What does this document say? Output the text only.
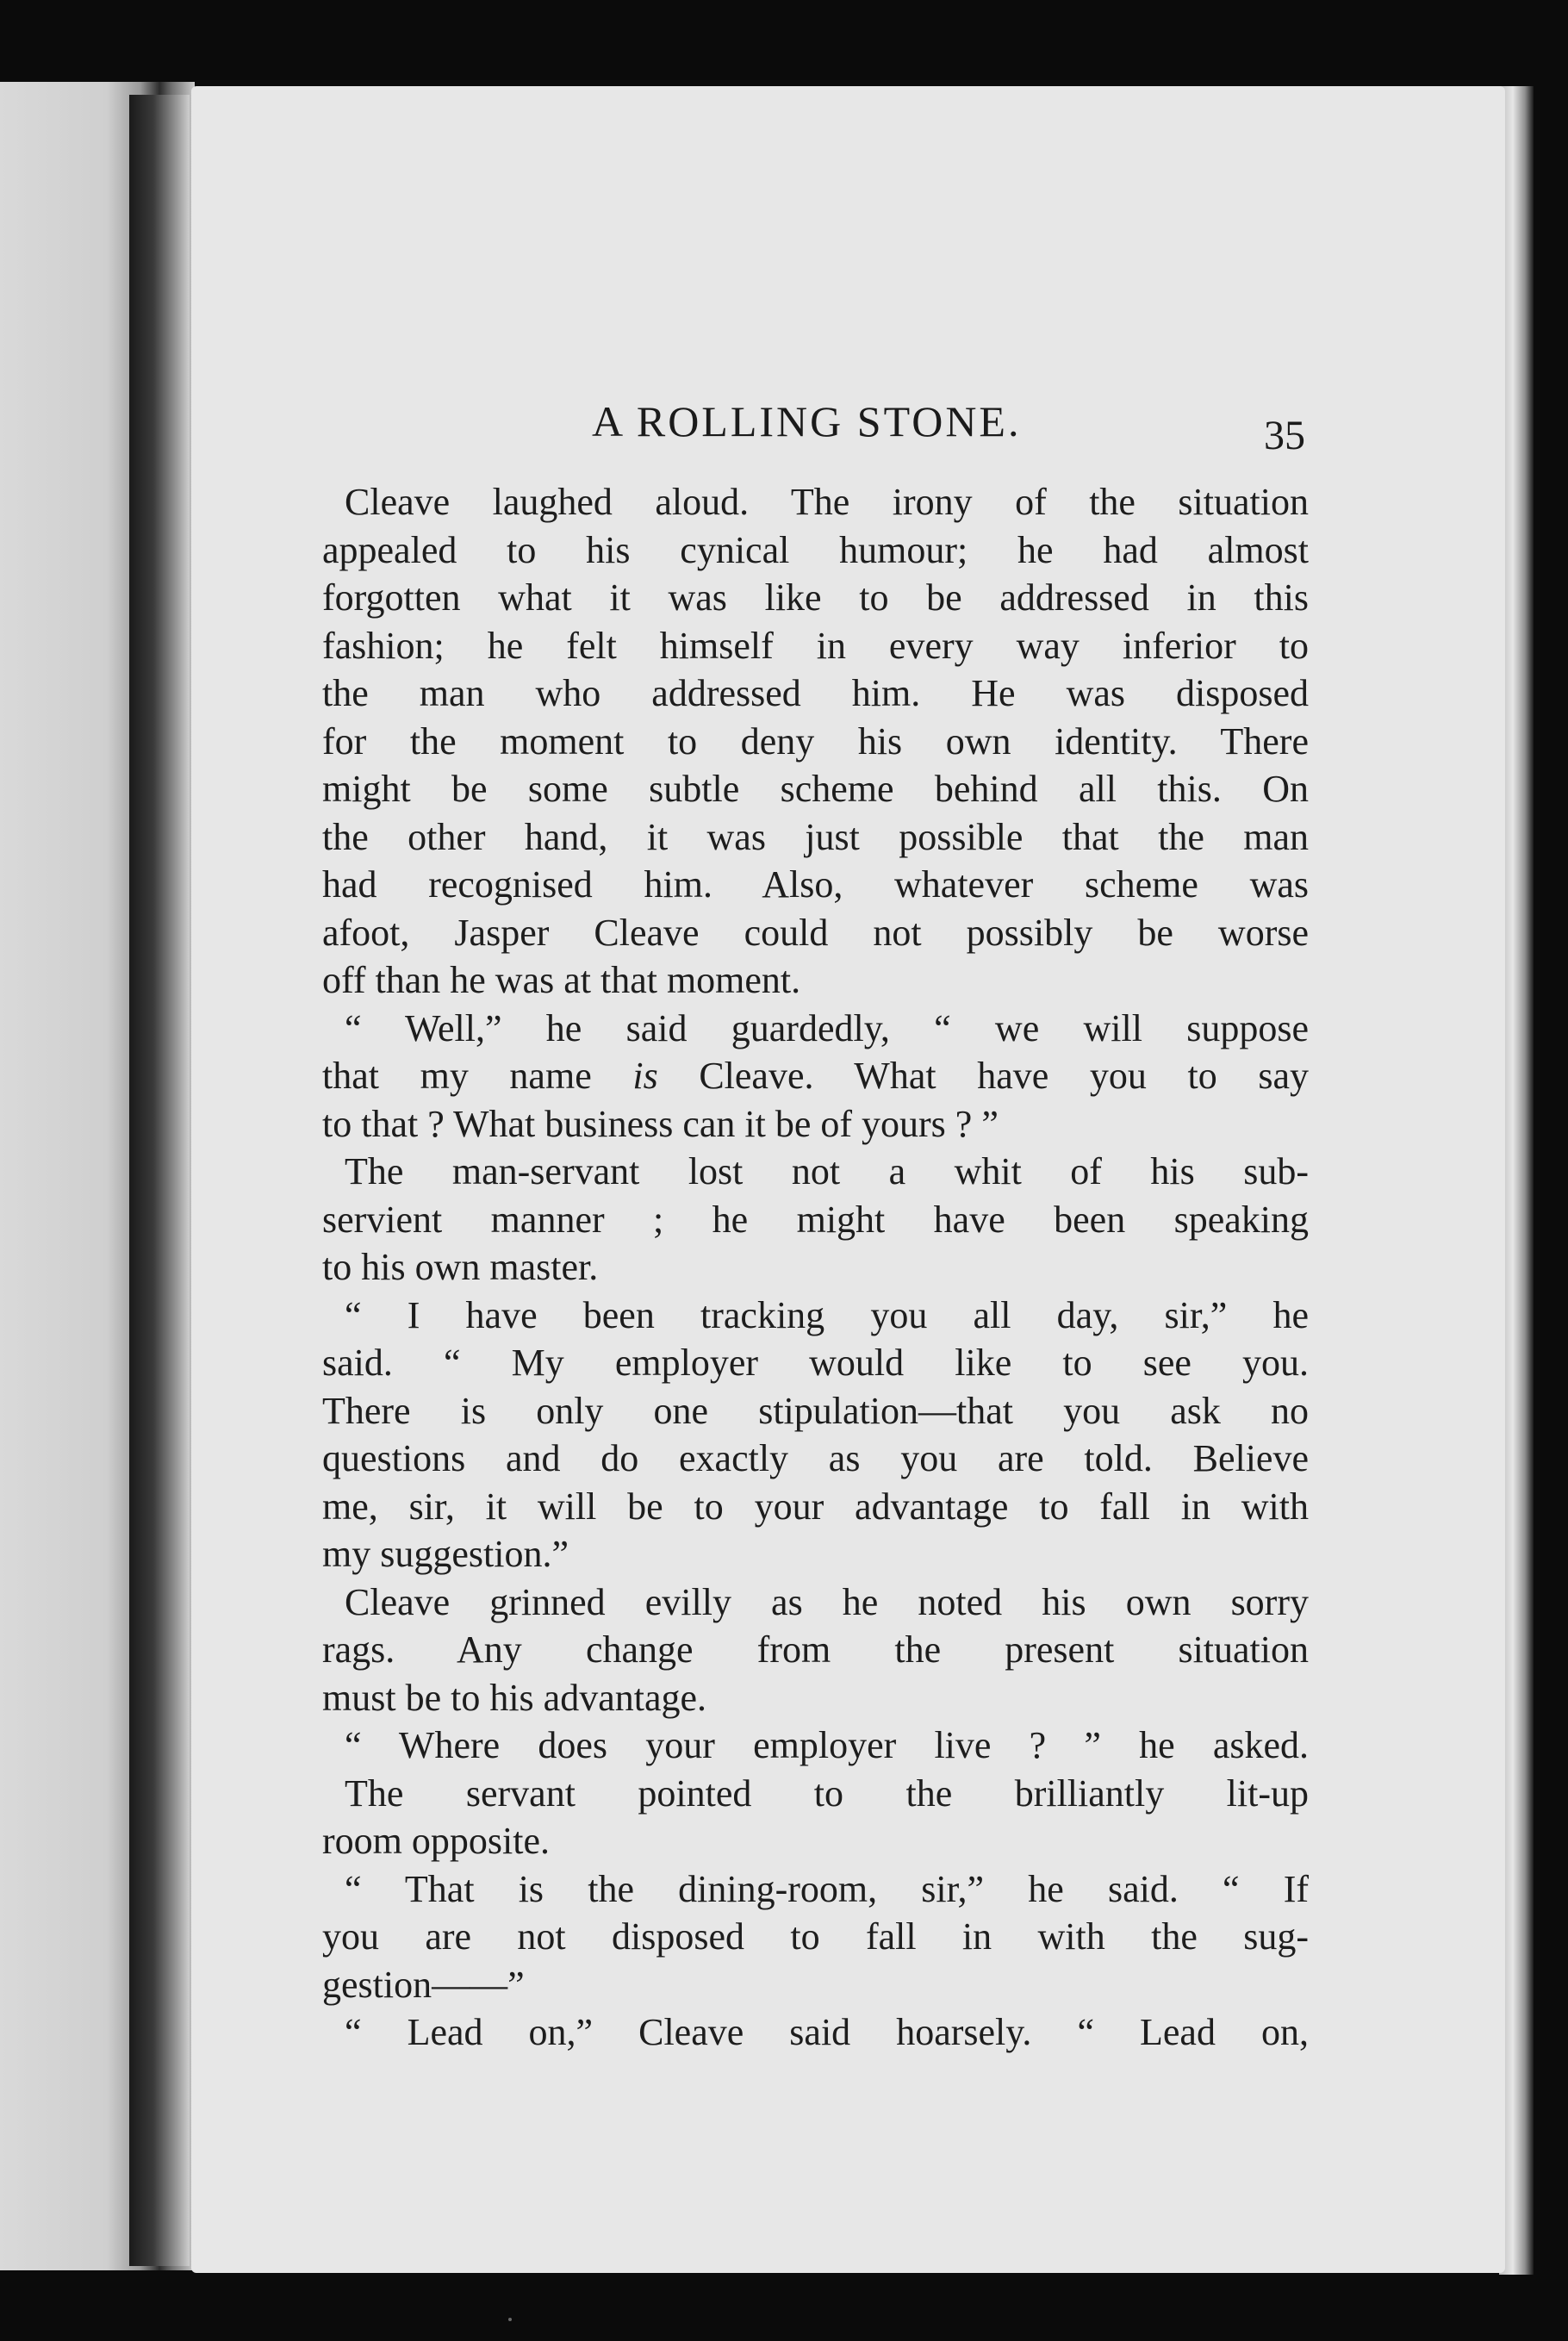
A ROLLING STONE.	35
Cleave laughed aloud. The irony of the situation
appealed to his cynical humour; he had almost
forgotten what it was like to be addressed in this
fashion; he felt himself in every way inferior to
the man who addressed him. He was disposed
for the moment to deny his own identity. There
might be some subtle scheme behind all this. On
the other hand, it was just possible that the man
had recognised him. Also, whatever scheme was
afoot, Jasper Cleave could not possibly be worse
off than he was at that moment.
“ Well,” he said guardedly, “ we will suppose
that my name is Cleave. What have you to say
to that ? What business can it be of yours ? ”
The man-servant lost not a whit of his sub-
servient manner ; he might have been speaking
to his own master.
“ I have been tracking you all day, sir,” he
said. “ My employer would like to see you.
There is only one stipulation—that you ask no
questions and do exactly as you are told. Believe
me, sir, it will be to your advantage to fall in with
my suggestion.”
Cleave grinned evilly as he noted his own sorry
rags. Any change from the present situation
must be to his advantage.
“ Where does your employer live ? ” he asked.
The servant pointed to the brilliantly lit-up
room opposite.
“ That is the dining-room, sir,” he said. “ If
you are not disposed to fall in with the sug-
gestion——”
“ Lead on,” Cleave said hoarsely. “ Lead on,
